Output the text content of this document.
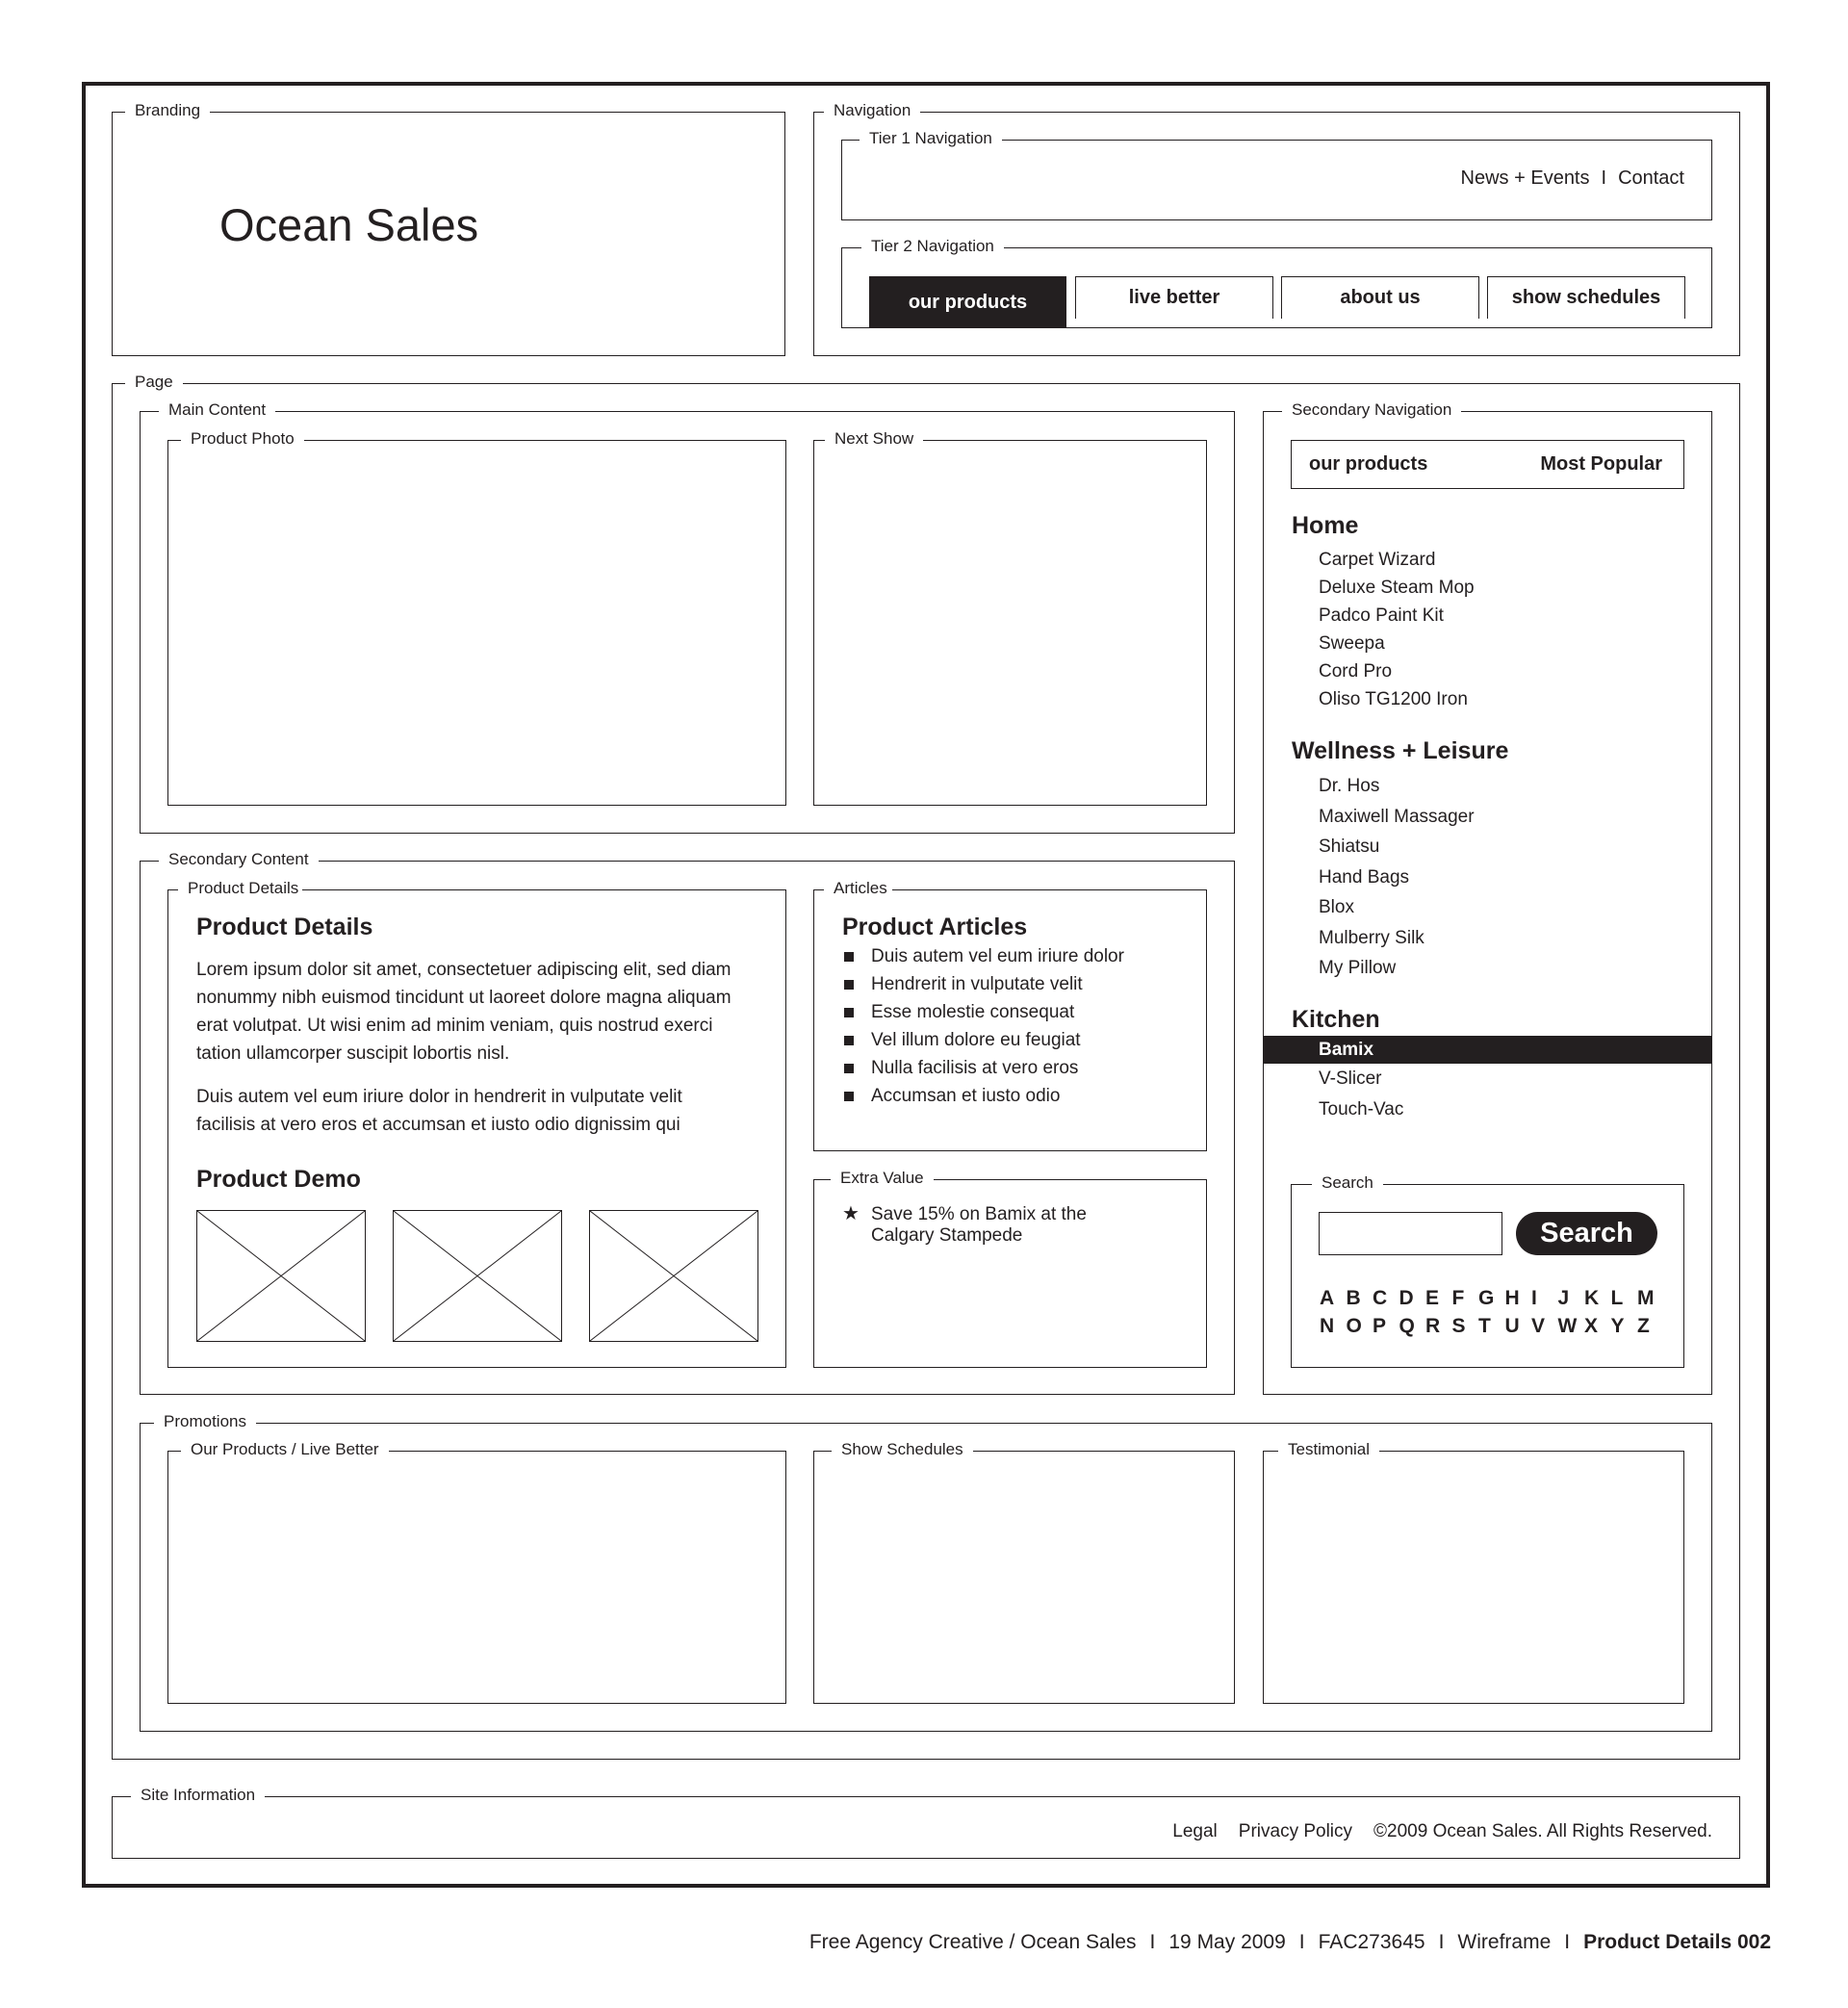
Branding
Ocean Sales
Navigation
Tier 1 Navigation
News + Events I Contact
Tier 2 Navigation
our products	live better	about us	show schedules
Page
Main Content
Product Photo	Next Show
Secondary Content
Product Details
Product Details

Lorem ipsum dolor sit amet, consectetuer adipiscing elit, sed diam nonummy nibh euismod tincidunt ut laoreet dolore magna aliquam erat volutpat. Ut wisi enim ad minim veniam, quis nostrud exerci tation ullamcorper suscipit lobortis nisl.

Duis autem vel eum iriure dolor in hendrerit in vulputate velit facilisis at vero eros et accumsan et iusto odio dignissim qui

Product Demo
Articles
Product Articles
Duis autem vel eum iriure dolor
Hendrerit in vulputate velit
Esse molestie consequat
Vel illum dolore eu feugiat
Nulla facilisis at vero eros
Accumsan et iusto odio
Extra Value
★ Save 15% on Bamix at the Calgary Stampede
Secondary Navigation
our products	Most Popular
Home
Carpet Wizard
Deluxe Steam Mop
Padco Paint Kit
Sweepa
Cord Pro
Oliso TG1200 Iron
Wellness + Leisure
Dr. Hos
Maxiwell Massager
Shiatsu
Hand Bags
Blox
Mulberry Silk
My Pillow
Kitchen
Bamix
V-Slicer
Touch-Vac
Search
Search
A B C D E F G H I	J K L M
N O P Q R S T U V W X Y Z
Promotions
Our Products / Live Better	Show Schedules	Testimonial
Site Information
Legal Privacy Policy ©2009 Ocean Sales. All Rights Reserved.
Free Agency Creative / Ocean Sales I 19 May 2009 I FAC273645 I Wireframe I Product Details 002
